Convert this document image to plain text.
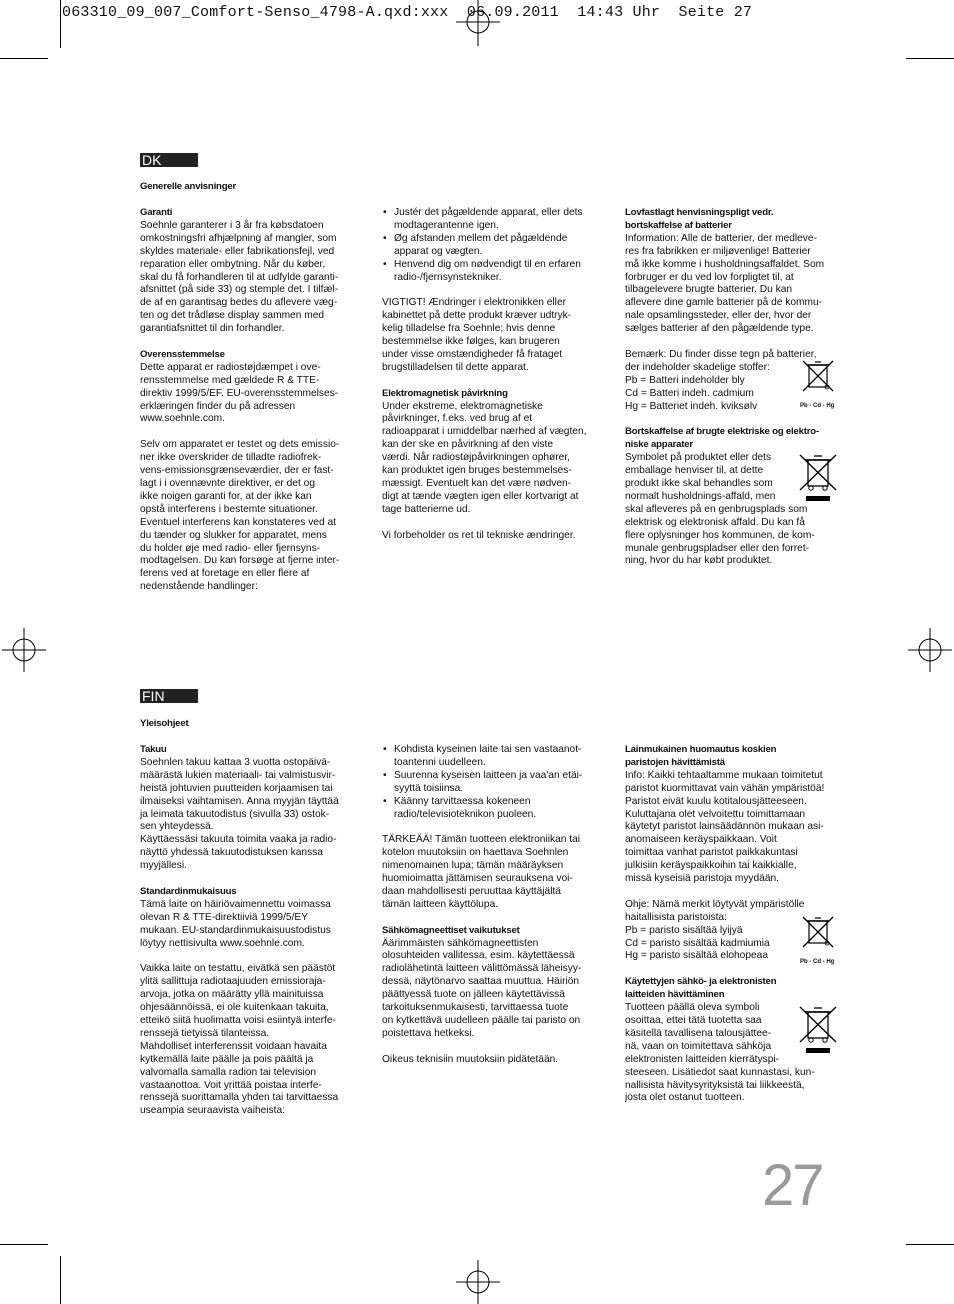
063310_09_007_Comfort-Senso_4798-A.qxd:xxx  06.09.2011  14:43 Uhr  Seite 27
DK
Generelle anvisninger

Garanti

Soehnle garanterer i 3 år fra købsdatoen
omkostningsfri afhjælpning af mangler, som
skyldes materiale- eller fabrikationsfejl, ved
reparation eller ombytning. Når du køber,
skal du få forhandleren til at udfylde garanti-
afsnittet (på side 33) og stemple det. I tilfæl-
de af en garantisag bedes du aflevere væg-
ten og det trådløse display sammen med
garantiafsnittet til din forhandler.

Overensstemmelse

Dette apparat er radiostøjdæmpet i ove-
rensstemmelse med gældede R & TTE-
direktiv 1999/5/EF. EU-overensstemmelses-
erklæringen finder du på adressen
www.soehnle.com.
Selv om apparatet er testet og dets emissio-
ner ikke overskrider de tilladte radiofrek-
vens-emissionsgrænseværdier, der er fast-
lagt i i ovennævnte direktiver, er det og
ikke noigen garanti for, at der ikke kan
opstå interferens i bestemte situationer.
Eventuel interferens kan konstateres ved at
du tænder og slukker for apparatet, mens
du holder øje med radio- eller fjernsyns-
modtagelsen. Du kan forsøge at fjerne inter-
ferens ved at foretage en eller flere af
nedenstående handlinger:
• Justér det pågældende apparat, eller dets
modtagerantenne igen.
• Øg afstanden mellem det pågældende
apparat og vægten.
• Henvend dig om nødvendigt til en erfaren
radio-/fjernsynstekniker.
VIGTIGT! Ændringer i elektronikken eller
kabinettet på dette produkt kræver udtryk-
kelig tilladelse fra Soehnle; hvis denne
bestemmelse ikke følges, kan brugeren
under visse omstændigheder få frataget
brugstilladelsen til dette apparat.

Elektromagnetisk påvirkning

Under ekstreme, elektromagnetiske
påvirkninger, f.eks. ved brug af et
radioapparat i umiddelbar nærhed af vægten,
kan der ske en påvirkning af den viste
værdi. Når radiostøjpåvirkningen ophører,
kan produktet igen bruges bestemmelses-
mæssigt. Eventuelt kan det være nødven-
digt at tænde vægten igen eller kortvarigt at
tage batterierne ud.

Vi forbeholder os ret til tekniske ændringer.

Lovfastlagt henvisningspligt vedr.
bortskaffelse af batterier
Information: Alle de batterier, der medleve-
res fra fabrikken er miljøvenlige! Batterier
må ikke komme i husholdningsaffaldet. Som
forbruger er du ved lov forpligtet til, at
tilbagelevere brugte batterier. Du kan
aflevere dine gamle batterier på de kommu-
nale opsamlingssteder, eller der, hvor der
sælges batterier af den pågældende type.
Bemærk: Du finder disse tegn på batterier,
der indeholder skadelige stoffer:
Pb = Batteri indeholder bly
Cd = Batteri indeh. cadmium
Hg = Batteriet indeh. kviksølv	Pb - Cd - Hg
Bortskaffelse af brugte elektriske og elektro-
niske apparater
Symbolet på produktet eller dets
emballage henviser til, at dette
produkt ikke skal behandles som
normalt husholdnings-affald, men
skal afleveres på en genbrugsplads som
elektrisk og elektronisk affald. Du kan få
flere oplysninger hos kommunen, de kom-
munale genbrugspladser eller den forret-
ning, hvor du har købt produktet.
FIN
Yleisohjeet

Takuu

Soehnlen takuu kattaa 3 vuotta ostopäivä-
määrästä lukien materiaali- tai valmistusvir-
heistä johtuvien puutteiden korjaamisen tai
ilmaiseksi vaihtamisen. Anna myyjän täyttää
ja leimata takuutodistus (sivulla 33) ostok-
sen yhteydessä.
Käyttäessäsi takuuta toimita vaaka ja radio-
näyttö yhdessä takuutodistuksen kanssa
myyjällesi.

Standardinmukaisuus

Tämä laite on häiriövaimennettu voimassa
olevan R & TTE-direktiiviä 1999/5/EY
mukaan. EU-standardinmukaisuustodistus
löytyy nettisivulta www.soehnle.com.
Vaikka laite on testattu, eivätkä sen päästöt
ylitä sallittuja radiotaajuuden emissioraja-
arvoja, jotka on määrätty yllä mainituissa
ohjesäännöissä, ei ole kuitenkaan takuita,
etteikö siitä huolimatta voisi esiintyä interfe-
renssejä tietyissä tilanteissa.
Mahdolliset interferenssit voidaan havaita
kytkemällä laite päälle ja pois päältä ja
valvomalla samalla radion tai television
vastaanottoa. Voit yrittää poistaa interfe-
renssejä suorittamalla yhden tai tarvittaessa
useampia seuraavista vaiheista:
• Kohdista kyseinen laite tai sen vastaanot-
toantenni uudelleen.
• Suurenna kyseisen laitteen ja vaa'an etäi-
syyttä toisiinsa.
• Käänny tarvittaessa kokeneen
radio/televisioteknikon puoleen.
TÄRKEÄÄ! Tämän tuotteen elektroniikan tai
kotelon muutoksiin on haettava Soehnlen
nimenomainen lupa; tämän määräyksen
huomioimatta jättämisen seurauksena voi-
daan mahdollisesti peruuttaa käyttäjältä
tämän laitteen käyttölupa.

Sähkömagneettiset vaikutukset

Äärimmäisten sähkömagneettisten
olosuhteiden vallitessa, esim. käytettäessä
radiolähetintä laitteen välittömässä läheisyy-
dessä, näytönarvo saattaa muuttua. Häiriön
päättyessä tuote on jälleen käytettävissä
tarkoituksenmukaisesti, tarvittaessa tuote
on kytkettävä uudelleen päälle tai paristo on
poistettava hetkeksi.

Oikeus teknisiin muutoksiin pidätetään.

Lainmukainen huomautus koskien
paristojen hävittämistä
Info: Kaikki tehtaaltamme mukaan toimitetut
paristot kuormittavat vain vähän ympäristöä!
Paristot eivät kuulu kotitalousjätteeseen.
Kuluttajana olet velvoitettu toimittamaan
käytetyt paristot lainsäädännön mukaan asi-
anomaiseen keräyspaikkaan. Voit
toimittaa vanhat paristot paikkakuntasi
julkisiin keräyspaikkoihin tai kaikkialle,
missä kyseisiä paristoja myydään.
Ohje: Nämä merkit löytyvät ympäristölle
haitallisista paristoista:
Pb = paristo sisältää lyijyä
Cd = paristo sisältää kadmiumia
Hg = paristo sisältää elohopeaa
Pb - Cd - Hg
Käytettyjen sähkö- ja elektronisten
laitteiden hävittäminen
Tuotteen päällä oleva symboli
osoittaa, ettei tätä tuotetta saa
käsitellä tavallisena talousjättee-
nä, vaan on toimitettava sähköja
elektronisten laitteiden kierrätyspi-
steeseen. Lisätiedot saat kunnastasi, kun-
nallisista hävitysyrityksistä tai liikkeestä,
josta olet ostanut tuotteen.
27
